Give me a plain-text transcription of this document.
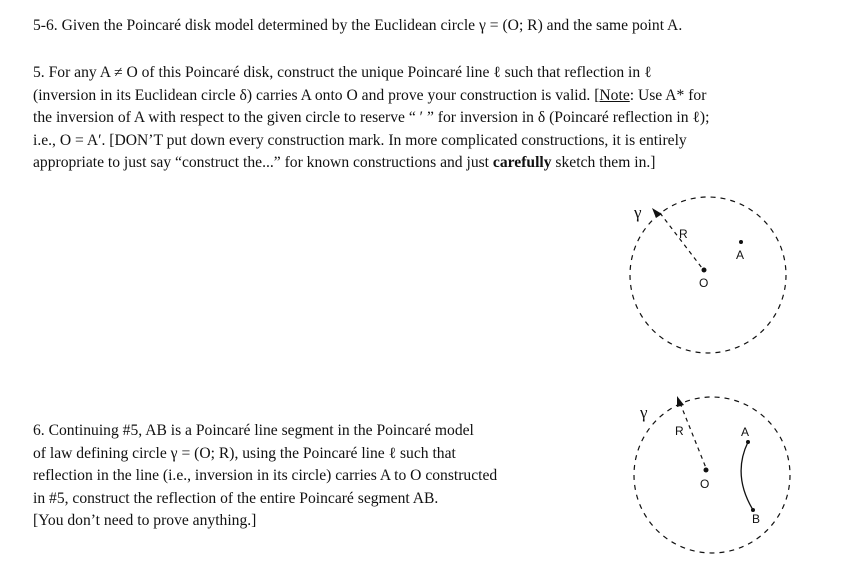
5-6. Given the Poincaré disk model determined by the Euclidean circle γ = (O; R) and the same point A.
5. For any A ≠ O of this Poincaré disk, construct the unique Poincaré line ℓ such that reflection in ℓ
(inversion in its Euclidean circle δ) carries A onto O and prove your construction is valid. [Note: Use A* for
the inversion of A with respect to the given circle to reserve “ ′ ” for inversion in δ (Poincaré reflection in ℓ);
i.e., O = A′. [DON’T put down every construction mark. In more complicated constructions, it is entirely
appropriate to just say “construct the...” for known constructions and just carefully sketch them in.]
6. Continuing #5, AB is a Poincaré line segment in the Poincaré model
of law defining circle γ = (O; R), using the Poincaré line ℓ such that
reflection in the line (i.e., inversion in its circle) carries A to O constructed
in #5, construct the reflection of the entire Poincaré segment AB.
[You don’t need to prove anything.]
γ
R
A
O
γ
R	A
B
O
